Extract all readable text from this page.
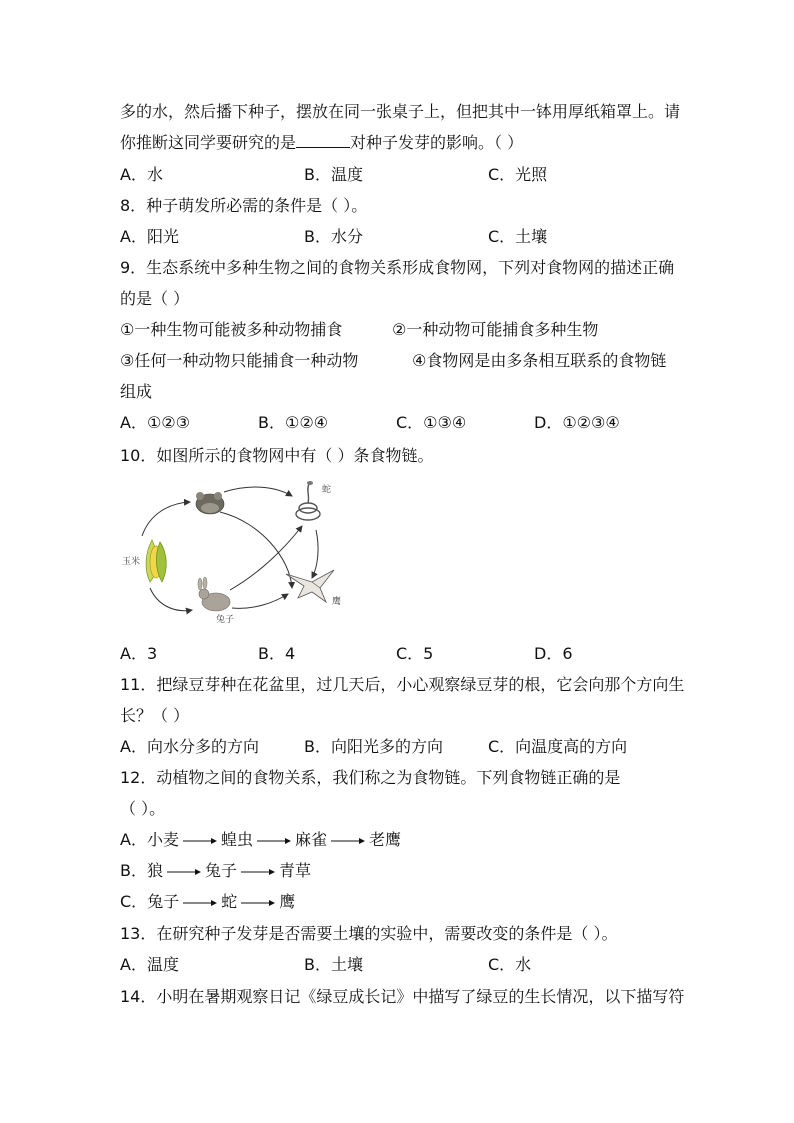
多的水，然后播下种子，摆放在同一张桌子上，但把其中一钵用厚纸箱罩上。请
你推断这同学要研究的是	对种子发芽的影响。（ ）
A．水	B．温度	C．光照
8．种子萌发所必需的条件是（ ）。
A．阳光	B．水分	C．土壤
9．生态系统中多种生物之间的食物关系形成食物网，下列对食物网的描述正确
的是（ ）
①一种生物可能被多种动物捕食	②一种动物可能捕食多种生物
③任何一种动物只能捕食一种动物	④食物网是由多条相互联系的食物链
组成
A．①②③	B．①②④	C．①③④	D．①②③④
10．如图所示的食物网中有（ ）条食物链。
玉米
蛇
兔子
鹰
A．3	B．4	C．5	D．6
11．把绿豆芽种在花盆里，过几天后，小心观察绿豆芽的根，它会向那个方向生
长？（ ）
A．向水分多的方向	B．向阳光多的方向	C．向温度高的方向
12．动植物之间的食物关系，我们称之为食物链。下列食物链正确的是
（ ）。
A．小麦	蝗虫	麻雀	老鹰
B．狼	兔子	青草
C．兔子	蛇	鹰
13．在研究种子发芽是否需要土壤的实验中，需要改变的条件是（ ）。
A．温度	B．土壤	C．水
14．小明在暑期观察日记《绿豆成长记》中描写了绿豆的生长情况，以下描写符
